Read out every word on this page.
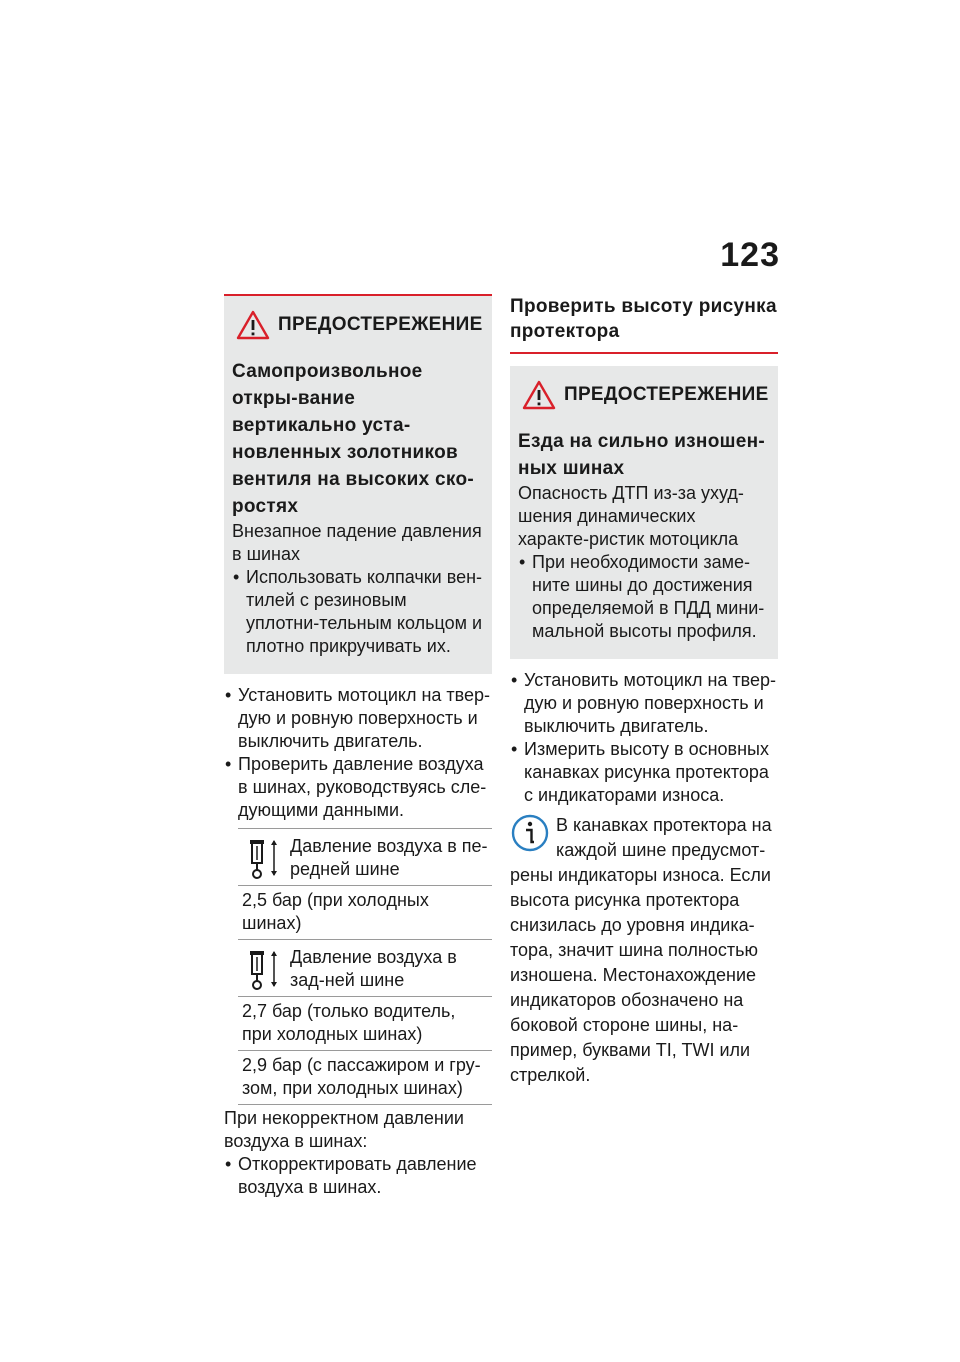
123
ПРЕДОСТЕРЕЖЕНИЕ
Самопроизвольное откры-вание вертикально уста-новленных золотников вентиля на высоких ско-ростях
Внезапное падение давления в шинах
• Использовать колпачки вен-тилей с резиновым уплотни-тельным кольцом и плотно прикручивать их.
• Установить мотоцикл на твер-дую и ровную поверхность и выключить двигатель.
• Проверить давление воздуха в шинах, руководствуясь сле-дующими данными.
Давление воздуха в пе-редней шине
2,5 бар (при холодных шинах)
Давление воздуха в зад-ней шине
2,7 бар (только водитель, при холодных шинах)
2,9 бар (с пассажиром и гру-зом, при холодных шинах)
При некорректном давлении воздуха в шинах:
• Откорректировать давление воздуха в шинах.
Проверить высоту рисунка протектора
ПРЕДОСТЕРЕЖЕНИЕ
Езда на сильно изношен-ных шинах
Опасность ДТП из-за ухуд-шения динамических характе-ристик мотоцикла
• При необходимости заме-ните шины до достижения определяемой в ПДД мини-мальной высоты профиля.
• Установить мотоцикл на твер-дую и ровную поверхность и выключить двигатель.
• Измерить высоту в основных канавках рисунка протектора с индикаторами износа.
В канавках протектора на каждой шине предусмот-рены индикаторы износа. Если высота рисунка протектора снизилась до уровня индика-тора, значит шина полностью изношена. Местонахождение индикаторов обозначено на боковой стороне шины, на-пример, буквами TI, TWI или стрелкой.
